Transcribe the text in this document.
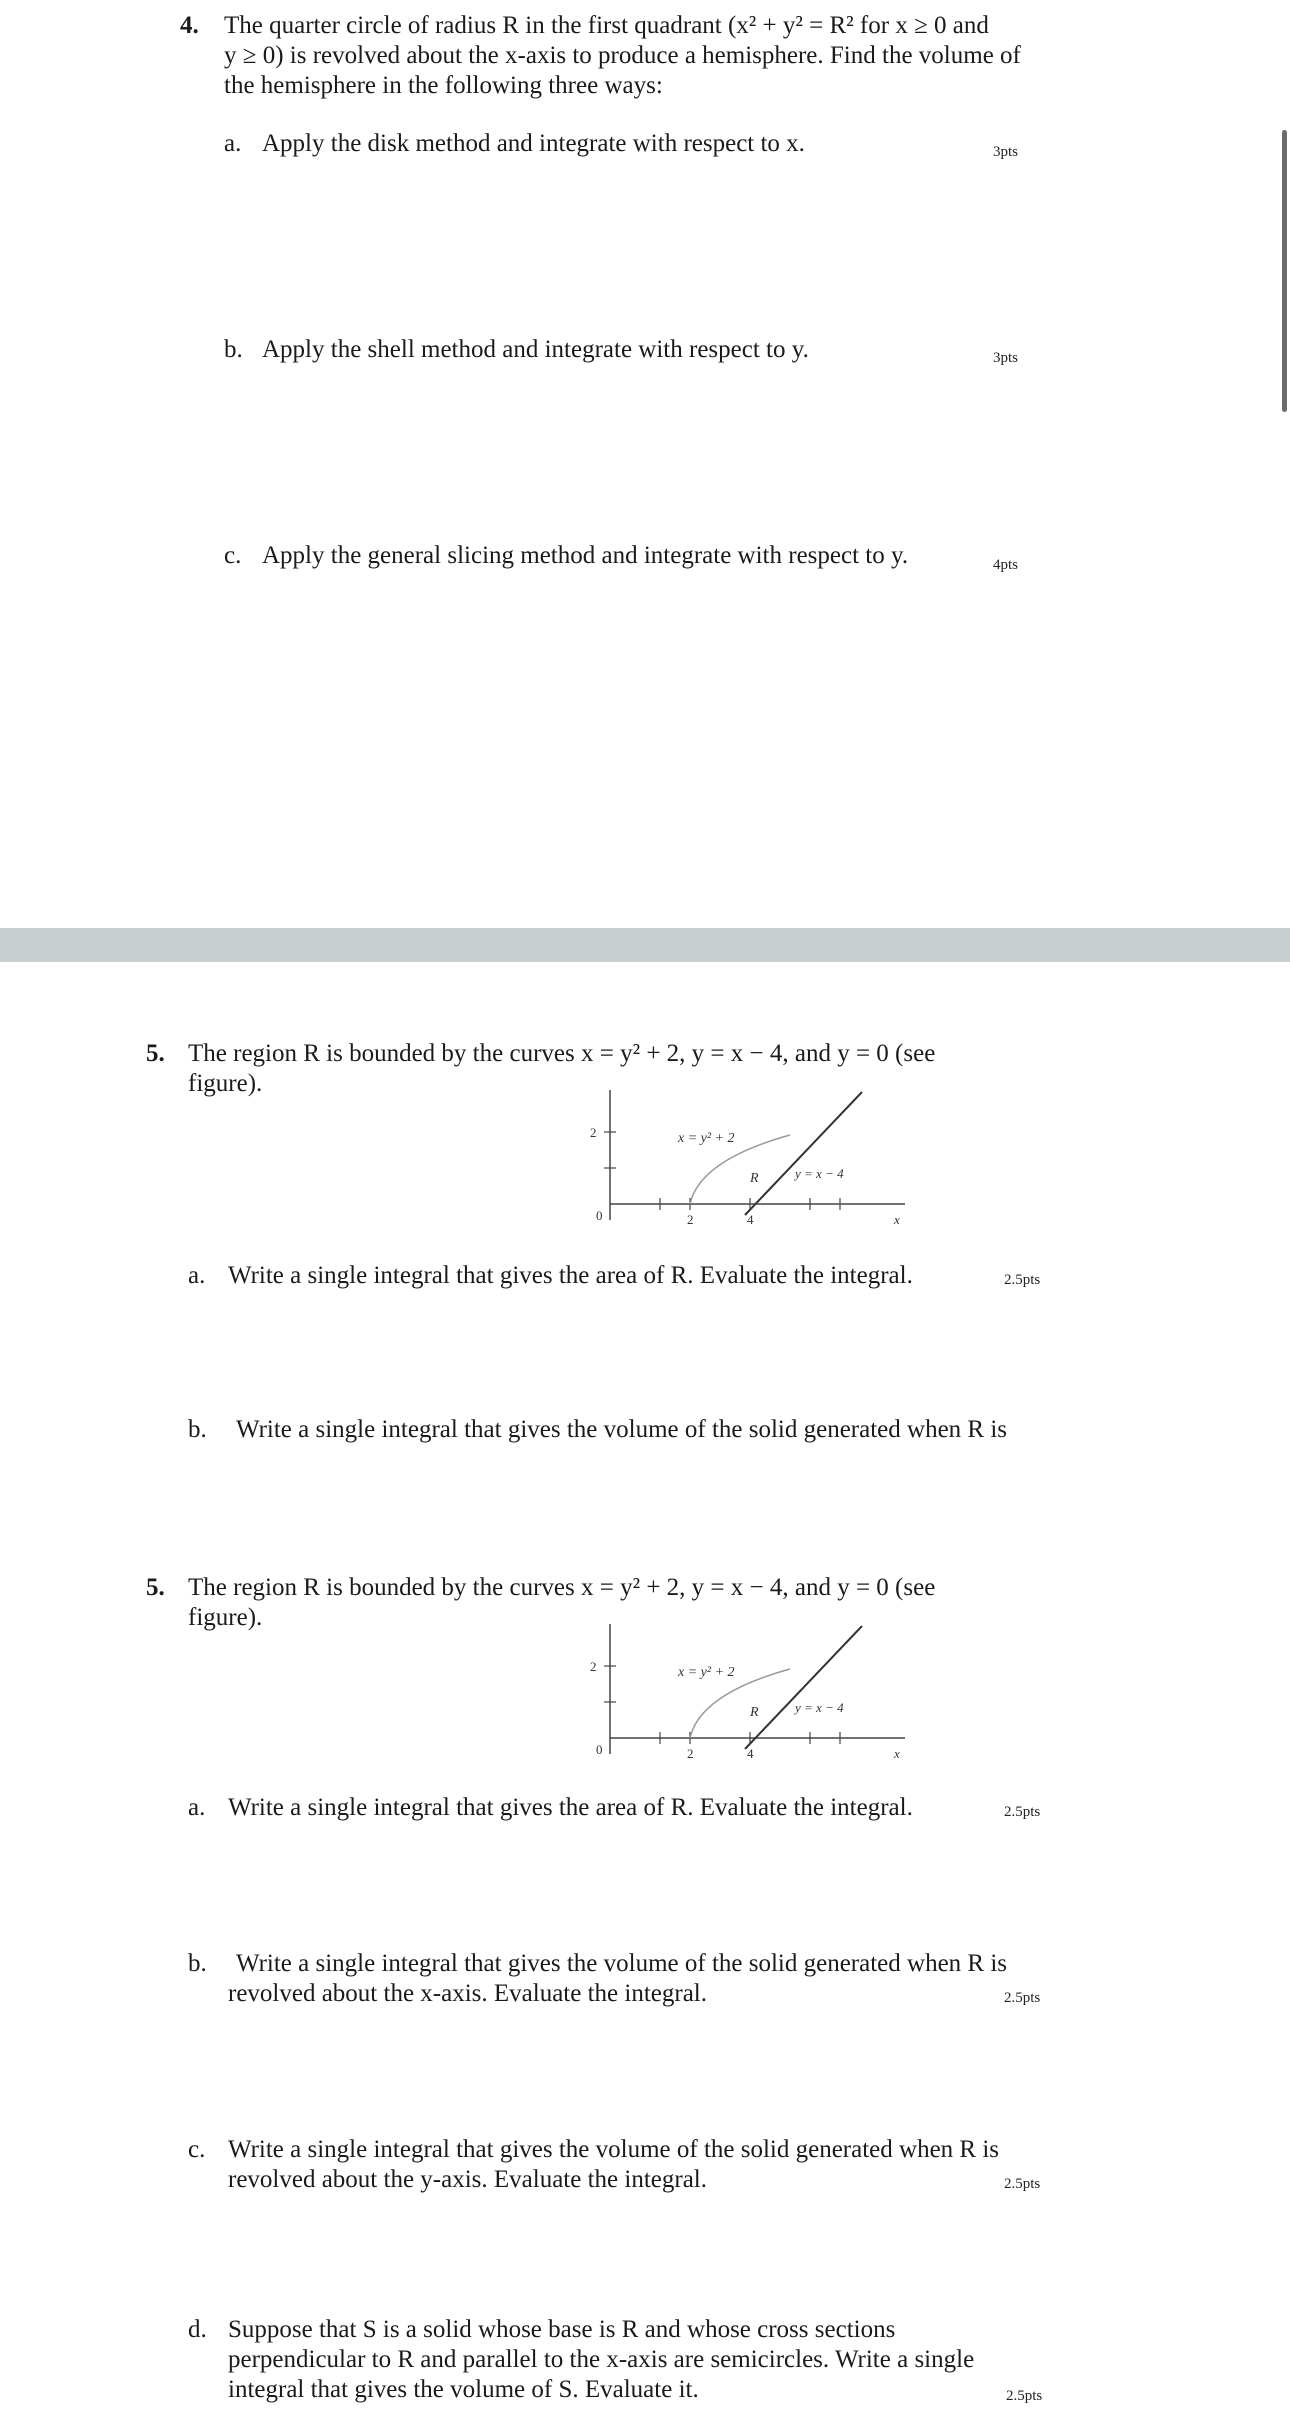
4. The quarter circle of radius R in the first quadrant (x² + y² = R² for x ≥ 0 and
y ≥ 0) is revolved about the x-axis to produce a hemisphere. Find the volume of
the hemisphere in the following three ways:
a. Apply the disk method and integrate with respect to x.	3pts
b. Apply the shell method and integrate with respect to y.	3pts
c. Apply the general slicing method and integrate with respect to y.	4pts
5. The region R is bounded by the curves x = y² + 2, y = x − 4, and y = 0 (see
figure).
x = y² + 2
y = x − 4
R
2
0	2	4	x
a. Write a single integral that gives the area of R. Evaluate the integral.	2.5pts
b. Write a single integral that gives the volume of the solid generated when R is
5. The region R is bounded by the curves x = y² + 2, y = x − 4, and y = 0 (see
figure).
x = y² + 2
y = x − 4
R
2
0	2	4	x
a. Write a single integral that gives the area of R. Evaluate the integral.	2.5pts
b. Write a single integral that gives the volume of the solid generated when R is
revolved about the x-axis. Evaluate the integral.	2.5pts
c. Write a single integral that gives the volume of the solid generated when R is
revolved about the y-axis. Evaluate the integral.	2.5pts
d. Suppose that S is a solid whose base is R and whose cross sections
perpendicular to R and parallel to the x-axis are semicircles. Write a single
integral that gives the volume of S. Evaluate it.	2.5pts
